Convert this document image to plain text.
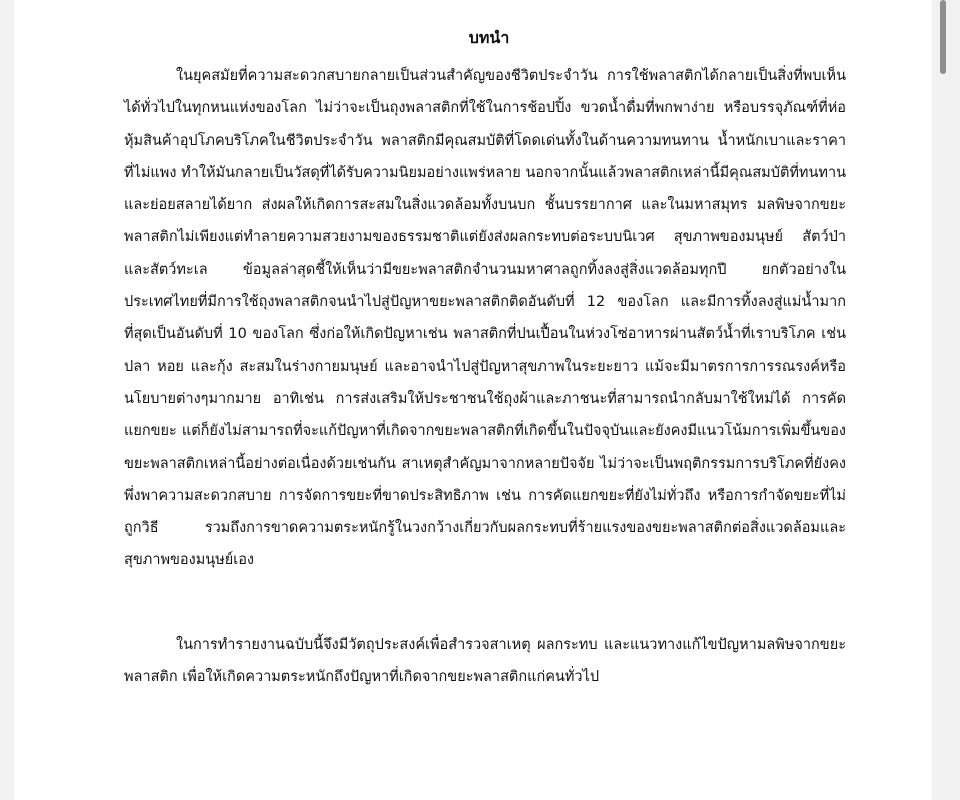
บทนำ

ในยุคสมัยที่ความสะดวกสบายกลายเป็นส่วนสำคัญของชีวิตประจำวัน การใช้พลาสติกได้กลายเป็นสิ่งที่พบเห็นได้ทั่วไปในทุกหนแห่งของโลก ไม่ว่าจะเป็นถุงพลาสติกที่ใช้ในการช้อปปิ้ง ขวดน้ำดื่มที่พกพาง่าย หรือบรรจุภัณฑ์ที่ห่อหุ้มสินค้าอุปโภคบริโภคในชีวิตประจำวัน พลาสติกมีคุณสมบัติที่โดดเด่นทั้งในด้านความทนทาน น้ำหนักเบาและราคาที่ไม่แพง ทำให้มันกลายเป็นวัสดุที่ได้รับความนิยมอย่างแพร่หลาย นอกจากนั้นแล้วพลาสติกเหล่านี้มีคุณสมบัติที่ทนทานและย่อยสลายได้ยาก ส่งผลให้เกิดการสะสมในสิ่งแวดล้อมทั้งบนบก ชั้นบรรยากาศ และในมหาสมุทร มลพิษจากขยะพลาสติกไม่เพียงแต่ทำลายความสวยงามของธรรมชาติแต่ยังส่งผลกระทบต่อระบบนิเวศ สุขภาพของมนุษย์ สัตว์ป่า และสัตว์ทะเล ข้อมูลล่าสุดชี้ให้เห็นว่ามีขยะพลาสติกจำนวนมหาศาลถูกทิ้งลงสู่สิ่งแวดล้อมทุกปี ยกตัวอย่างในประเทศไทยที่มีการใช้ถุงพลาสติกจนนำไปสู่ปัญหาขยะพลาสติกติดอันดับที่ 12 ของโลก และมีการทิ้งลงสู่แม่น้ำมากที่สุดเป็นอันดับที่ 10 ของโลก ซึ่งก่อให้เกิดปัญหาเช่น พลาสติกที่ปนเปื้อนในห่วงโซ่อาหารผ่านสัตว์น้ำที่เราบริโภค เช่น ปลา หอย และกุ้ง สะสมในร่างกายมนุษย์ และอาจนำไปสู่ปัญหาสุขภาพในระยะยาว แม้จะมีมาตรการการรณรงค์หรือนโยบายต่างๆมากมาย อาทิเช่น การส่งเสริมให้ประชาชนใช้ถุงผ้าและภาชนะที่สามารถนำกลับมาใช้ใหม่ได้ การคัดแยกขยะ แต่ก็ยังไม่สามารถที่จะแก้ปัญหาที่เกิดจากขยะพลาสติกที่เกิดขึ้นในปัจจุบันและยังคงมีแนวโน้มการเพิ่มขึ้นของขยะพลาสติกเหล่านี้อย่างต่อเนื่องด้วยเช่นกัน สาเหตุสำคัญมาจากหลายปัจจัย ไม่ว่าจะเป็นพฤติกรรมการบริโภคที่ยังคงพึ่งพาความสะดวกสบาย การจัดการขยะที่ขาดประสิทธิภาพ เช่น การคัดแยกขยะที่ยังไม่ทั่วถึง หรือการกำจัดขยะที่ไม่ถูกวิธี รวมถึงการขาดความตระหนักรู้ในวงกว้างเกี่ยวกับผลกระทบที่ร้ายแรงของขยะพลาสติกต่อสิ่งแวดล้อมและสุขภาพของมนุษย์เอง

ในการทำรายงานฉบับนี้จึงมีวัตถุประสงค์เพื่อสำรวจสาเหตุ ผลกระทบ และแนวทางแก้ไขปัญหามลพิษจากขยะพลาสติก เพื่อให้เกิดความตระหนักถึงปัญหาที่เกิดจากขยะพลาสติกแก่คนทั่วไป
